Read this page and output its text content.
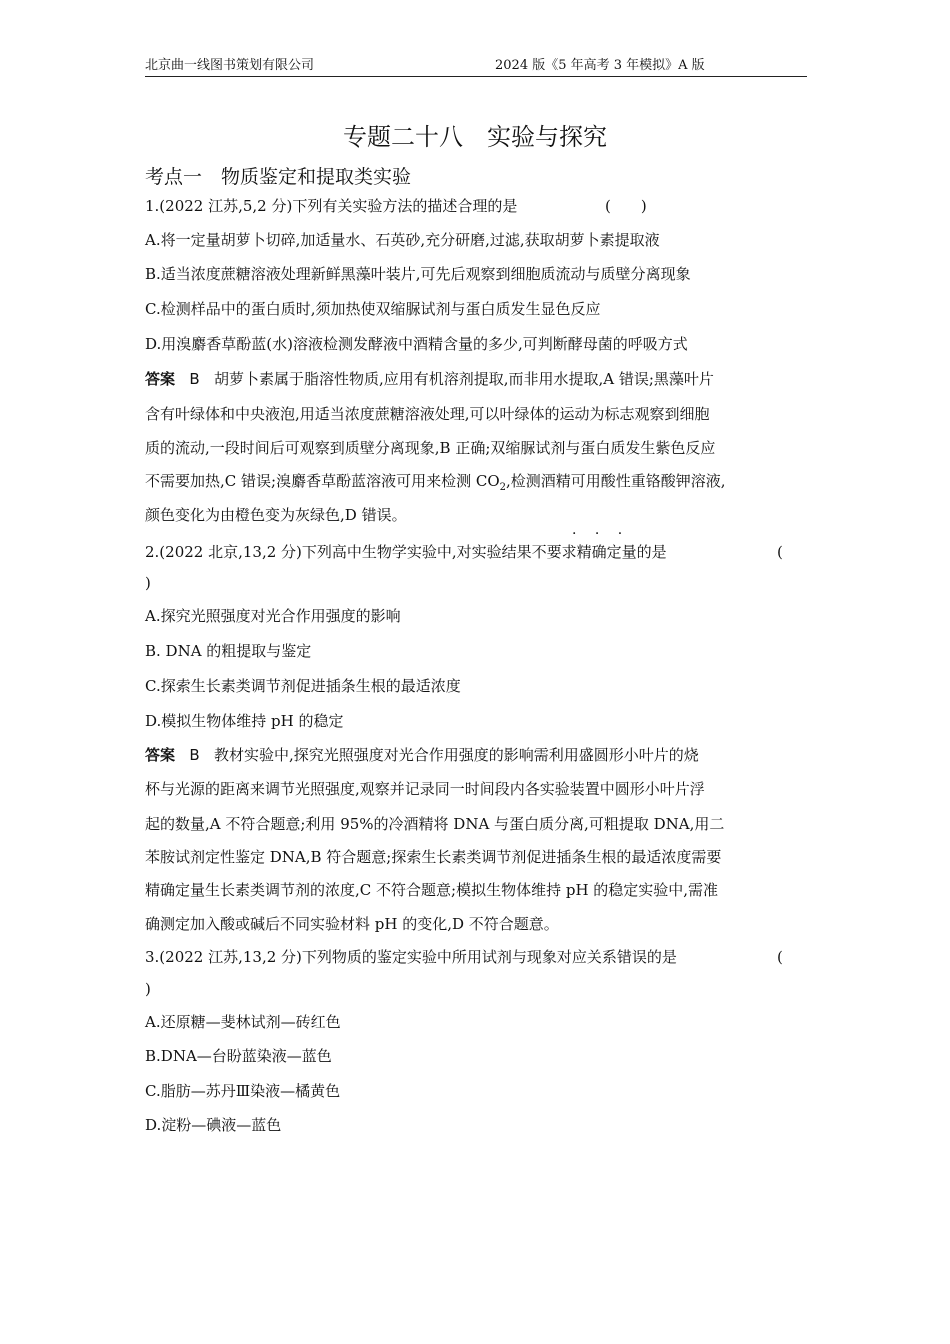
北京曲一线图书策划有限公司	2024 版《5 年高考 3 年模拟》A 版
专题二十八　实验与探究
考点一　物质鉴定和提取类实验
1.(2022 江苏,5,2 分)下列有关实验方法的描述合理的是	(　　)
A.将一定量胡萝卜切碎,加适量水、石英砂,充分研磨,过滤,获取胡萝卜素提取液
B.适当浓度蔗糖溶液处理新鲜黑藻叶装片,可先后观察到细胞质流动与质壁分离现象
C.检测样品中的蛋白质时,须加热使双缩脲试剂与蛋白质发生显色反应
D.用溴麝香草酚蓝(水)溶液检测发酵液中酒精含量的多少,可判断酵母菌的呼吸方式
答案 B 胡萝卜素属于脂溶性物质,应用有机溶剂提取,而非用水提取,A 错误;黑藻叶片
含有叶绿体和中央液泡,用适当浓度蔗糖溶液处理,可以叶绿体的运动为标志观察到细胞
质的流动,一段时间后可观察到质壁分离现象,B 正确;双缩脲试剂与蛋白质发生紫色反应
不需要加热,C 错误;溴麝香草酚蓝溶液可用来检测 $CO_2$,检测酒精可用酸性重铬酸钾溶液,
颜色变化为由橙色变为灰绿色,D 错误。
· · ·
2.(2022 北京,13,2 分)下列高中生物学实验中,对实验结果不要求精确定量的是	(
)
A.探究光照强度对光合作用强度的影响
B. DNA 的粗提取与鉴定
C.探索生长素类调节剂促进插条生根的最适浓度
D.模拟生物体维持 pH 的稳定
答案 B 教材实验中,探究光照强度对光合作用强度的影响需利用盛圆形小叶片的烧
杯与光源的距离来调节光照强度,观察并记录同一时间段内各实验装置中圆形小叶片浮
起的数量,A 不符合题意;利用 95%的冷酒精将 DNA 与蛋白质分离,可粗提取 DNA,用二
苯胺试剂定性鉴定 DNA,B 符合题意;探索生长素类调节剂促进插条生根的最适浓度需要
精确定量生长素类调节剂的浓度,C 不符合题意;模拟生物体维持 pH 的稳定实验中,需准
确测定加入酸或碱后不同实验材料 pH 的变化,D 不符合题意。
3.(2022 江苏,13,2 分)下列物质的鉴定实验中所用试剂与现象对应关系错误的是	(
)
A.还原糖—斐林试剂—砖红色
B.DNA—台盼蓝染液—蓝色
C.脂肪—苏丹Ⅲ染液—橘黄色
D.淀粉—碘液—蓝色
